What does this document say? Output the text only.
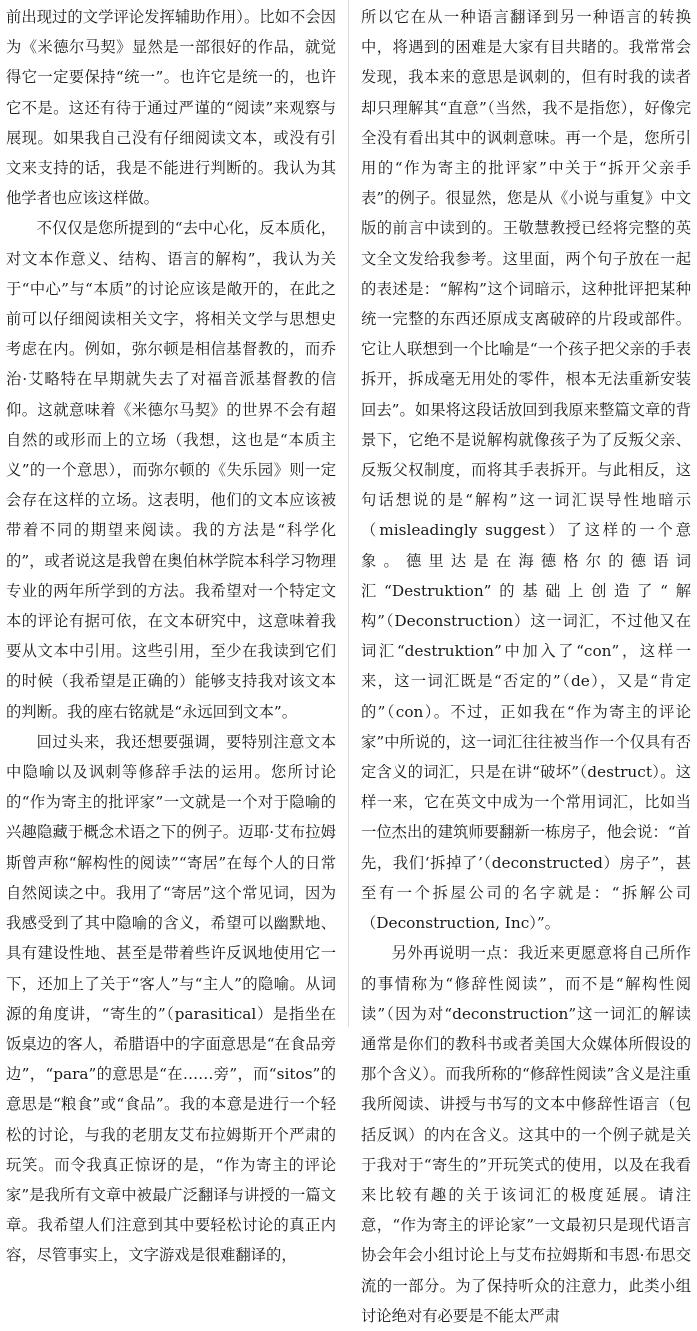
前出现过的文学评论发挥辅助作用）。比如不会因为《米德尔马契》显然是一部很好的作品，就觉得它一定要保持“统一”。也许它是统一的，也许它不是。这还有待于通过严谨的“阅读”来观察与展现。如果我自己没有仔细阅读文本，或没有引文来支持的话，我是不能进行判断的。我认为其他学者也应该这样做。

不仅仅是您所提到的“去中心化，反本质化，对文本作意义、结构、语言的解构”，我认为关于“中心”与“本质”的讨论应该是敞开的，在此之前可以仔细阅读相关文字，将相关文学与思想史考虑在内。例如，弥尔顿是相信基督教的，而乔治·艾略特在早期就失去了对福音派基督教的信仰。这就意味着《米德尔马契》的世界不会有超自然的或形而上的立场（我想，这也是“本质主义”的一个意思），而弥尔顿的《失乐园》则一定会存在这样的立场。这表明，他们的文本应该被带着不同的期望来阅读。我的方法是“科学化的”，或者说这是我曾在奥伯林学院本科学习物理专业的两年所学到的方法。我希望对一个特定文本的评论有据可依，在文本研究中，这意味着我要从文本中引用。这些引用，至少在我读到它们的时候（我希望是正确的）能够支持我对该文本的判断。我的座右铭就是“永远回到文本”。

回过头来，我还想要强调，要特别注意文本中隐喻以及讽刺等修辞手法的运用。您所讨论的“作为寄主的批评家”一文就是一个对于隐喻的兴趣隐藏于概念术语之下的例子。迈耶·艾布拉姆斯曾声称“解构性的阅读”“寄居”在每个人的日常自然阅读之中。我用了“寄居”这个常见词，因为我感受到了其中隐喻的含义，希望可以幽默地、具有建设性地、甚至是带着些许反讽地使用它一下，还加上了关于“客人”与“主人”的隐喻。从词源的角度讲，“寄生的”（parasitical）是指坐在饭桌边的客人，希腊语中的字面意思是“在食品旁边”，“para”的意思是“在……旁”，而“sitos”的意思是“粮食”或“食品”。我的本意是进行一个轻松的讨论，与我的老朋友艾布拉姆斯开个严肃的玩笑。而令我真正惊讶的是，“作为寄主的评论家”是我所有文章中被最广泛翻译与讲授的一篇文章。我希望人们注意到其中要轻松讨论的真正内容，尽管事实上，文字游戏是很难翻译的，

所以它在从一种语言翻译到另一种语言的转换中，将遇到的困难是大家有目共睹的。我常常会发现，我本来的意思是讽刺的，但有时我的读者却只理解其“直意”（当然，我不是指您），好像完全没有看出其中的讽刺意味。再一个是，您所引用的“作为寄主的批评家”中关于“拆开父亲手表”的例子。很显然，您是从《小说与重复》中文版的前言中读到的。王敬慧教授已经将完整的英文全文发给我参考。这里面，两个句子放在一起的表述是：“解构”这个词暗示，这种批评把某种统一完整的东西还原成支离破碎的片段或部件。它让人联想到一个比喻是“一个孩子把父亲的手表拆开，拆成毫无用处的零件，根本无法重新安装回去”。如果将这段话放回到我原来整篇文章的背景下，它绝不是说解构就像孩子为了反叛父亲、反叛父权制度，而将其手表拆开。与此相反，这句话想说的是“解构”这一词汇误导性地暗示（misleadingly suggest）了这样的一个意象。德里达是在海德格尔的德语词汇“Destruktion”的基础上创造了“解构”（Deconstruction）这一词汇，不过他又在词汇“destruktion”中加入了“con”，这样一来，这一词汇既是“否定的”（de），又是“肯定的”（con）。不过，正如我在“作为寄主的评论家”中所说的，这一词汇往往被当作一个仅具有否定含义的词汇，只是在讲“破坏”（destruct）。这样一来，它在英文中成为一个常用词汇，比如当一位杰出的建筑师要翻新一栋房子，他会说：“首先，我们‘拆掉了’（deconstructed）房子”，甚至有一个拆屋公司的名字就是：“拆解公司（Deconstruction, Inc）”。

另外再说明一点：我近来更愿意将自己所作的事情称为“修辞性阅读”，而不是“解构性阅读”（因为对“deconstruction”这一词汇的解读通常是你们的教科书或者美国大众媒体所假设的那个含义）。而我所称的“修辞性阅读”含义是注重我所阅读、讲授与书写的文本中修辞性语言（包括反讽）的内在含义。这其中的一个例子就是关于我对于“寄生的”开玩笑式的使用，以及在我看来比较有趣的关于该词汇的极度延展。请注意，“作为寄主的评论家”一文最初只是现代语言协会年会小组讨论上与艾布拉姆斯和韦恩·布思交流的一部分。为了保持听众的注意力，此类小组讨论绝对有必要是不能太严肃
